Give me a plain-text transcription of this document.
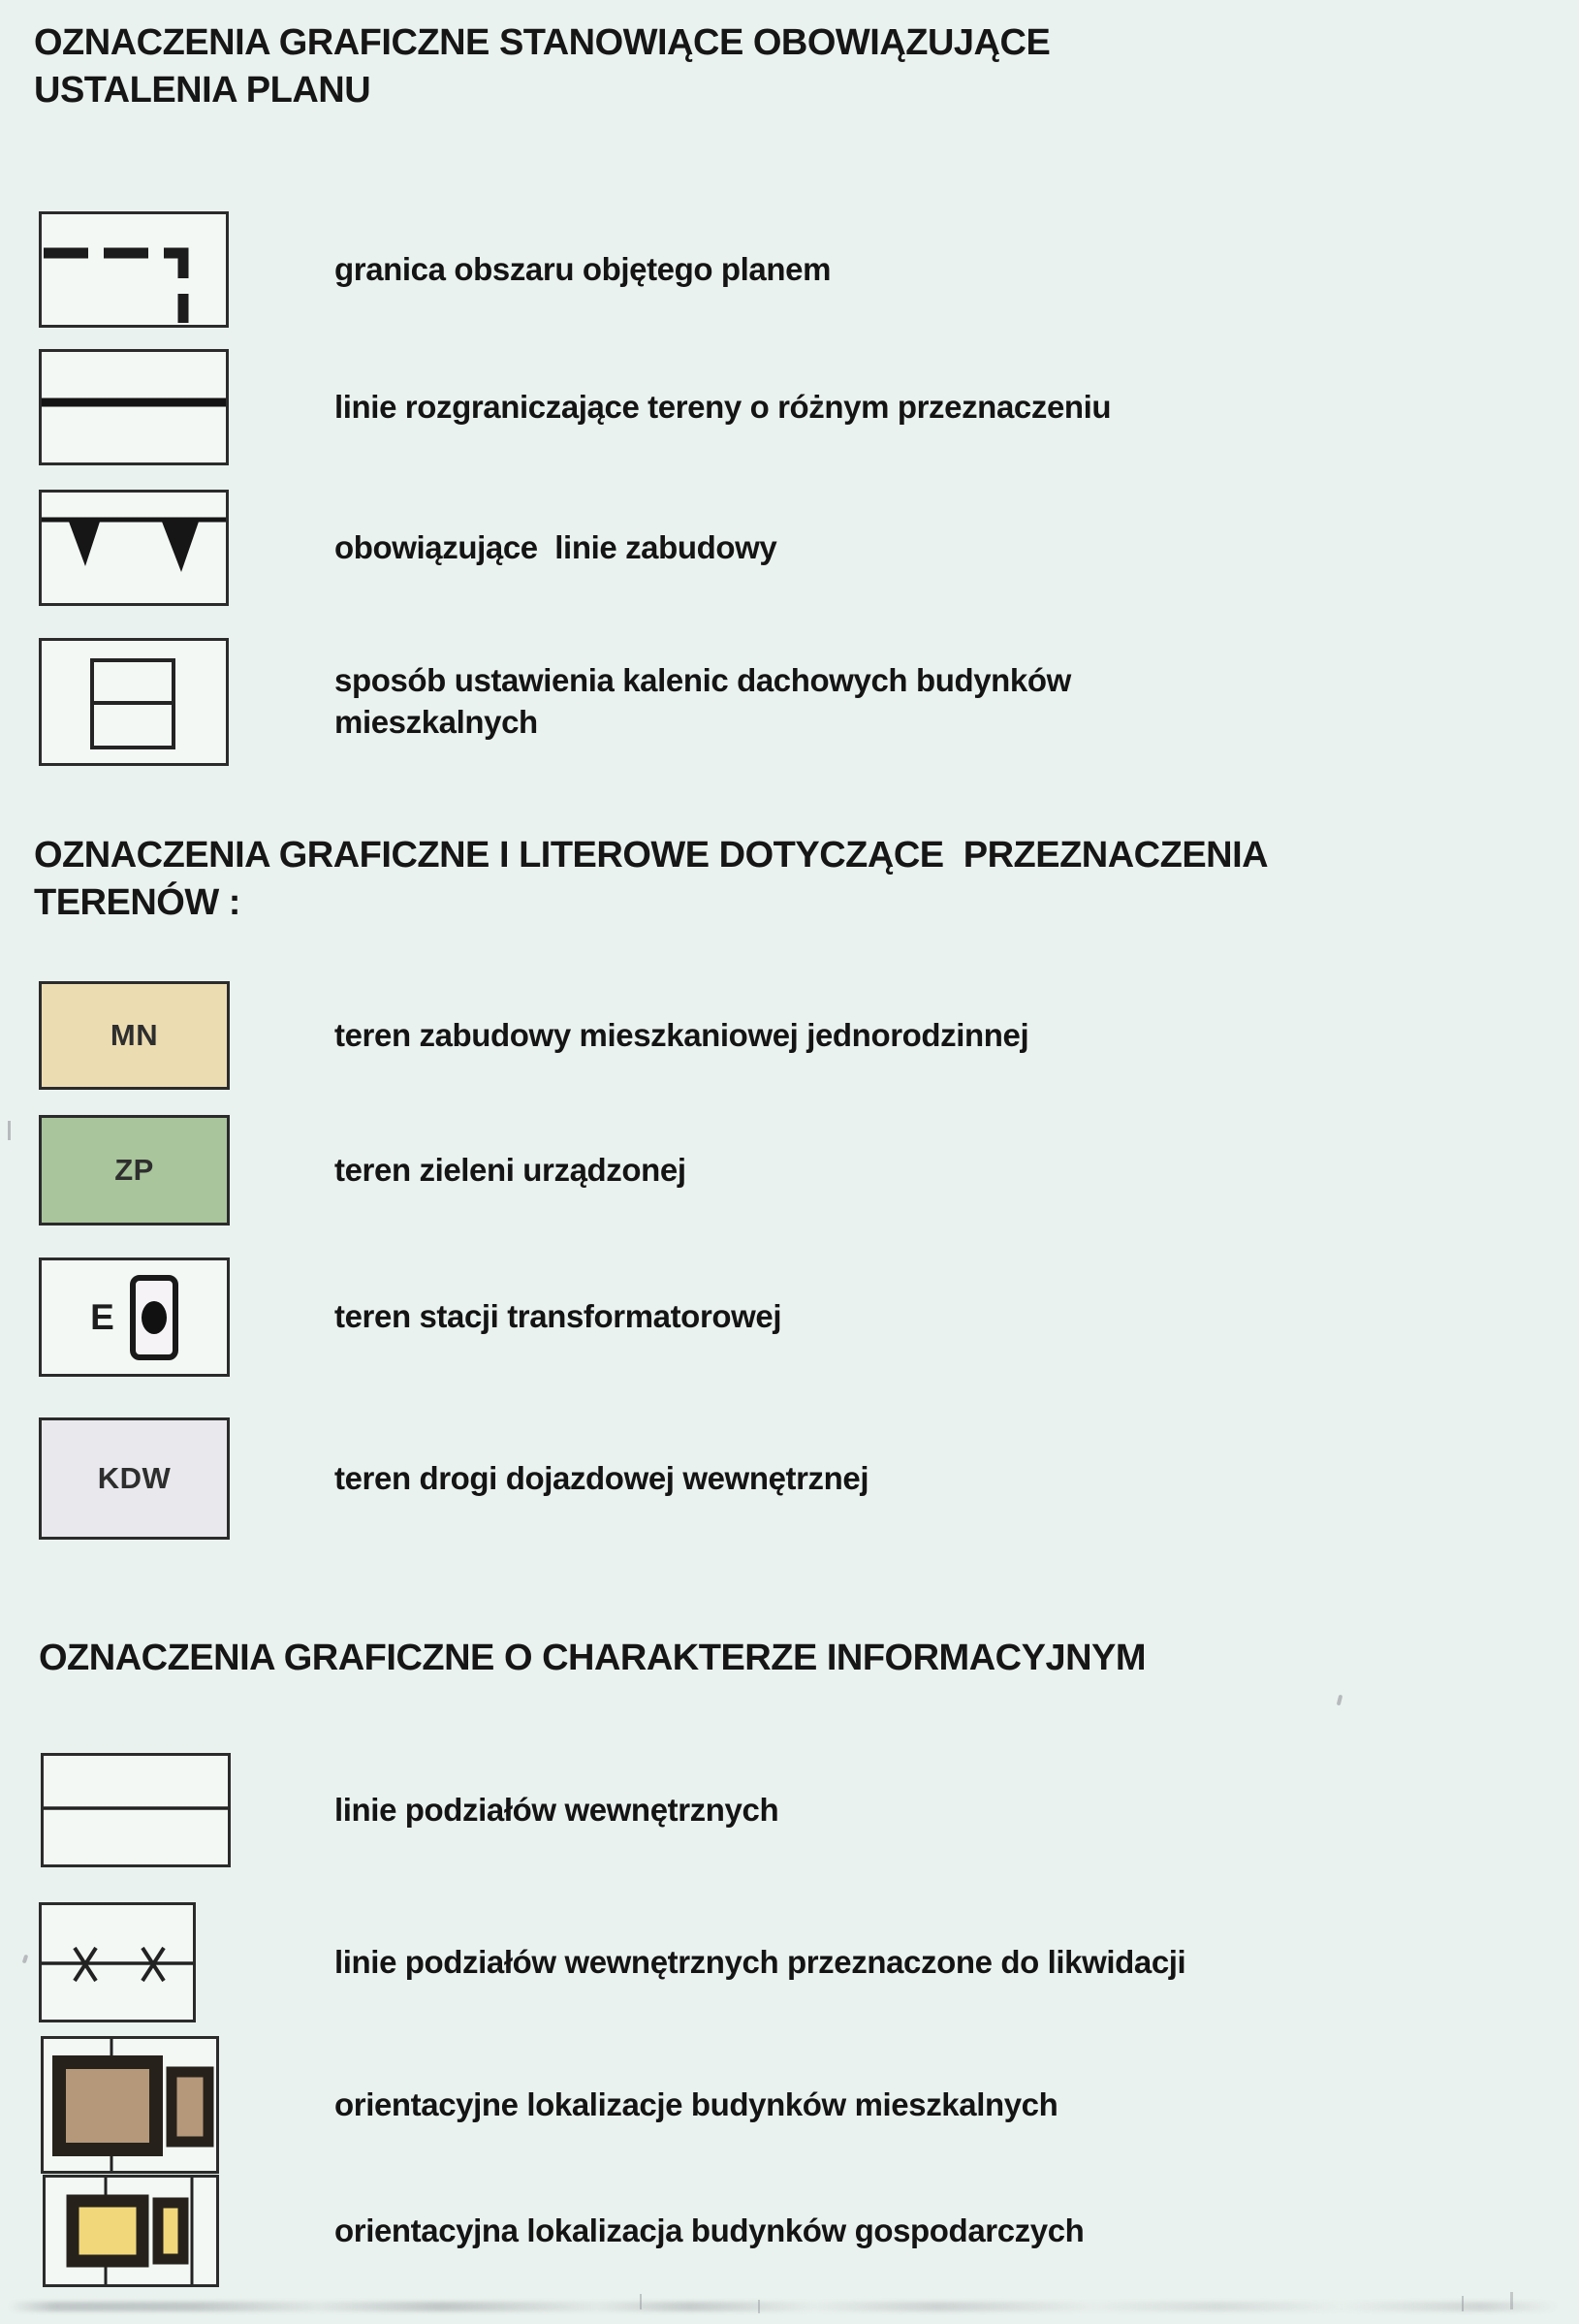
OZNACZENIA GRAFICZNE STANOWIĄCE OBOWIĄZUJĄCE USTALENIA PLANU
granica obszaru objętego planem
linie rozgraniczające tereny o różnym przeznaczeniu
obowiązujące  linie zabudowy
sposób ustawienia kalenic dachowych budynków mieszkalnych
OZNACZENIA GRAFICZNE I LITEROWE DOTYCZĄCE  PRZEZNACZENIA TERENÓW :
MN	teren zabudowy mieszkaniowej jednorodzinnej
ZP	teren zieleni urządzonej
E	teren stacji transformatorowej
KDW	teren drogi dojazdowej wewnętrznej
OZNACZENIA GRAFICZNE O CHARAKTERZE INFORMACYJNYM
linie podziałów wewnętrznych
linie podziałów wewnętrznych przeznaczone do likwidacji
orientacyjne lokalizacje budynków mieszkalnych
orientacyjna lokalizacja budynków gospodarczych
